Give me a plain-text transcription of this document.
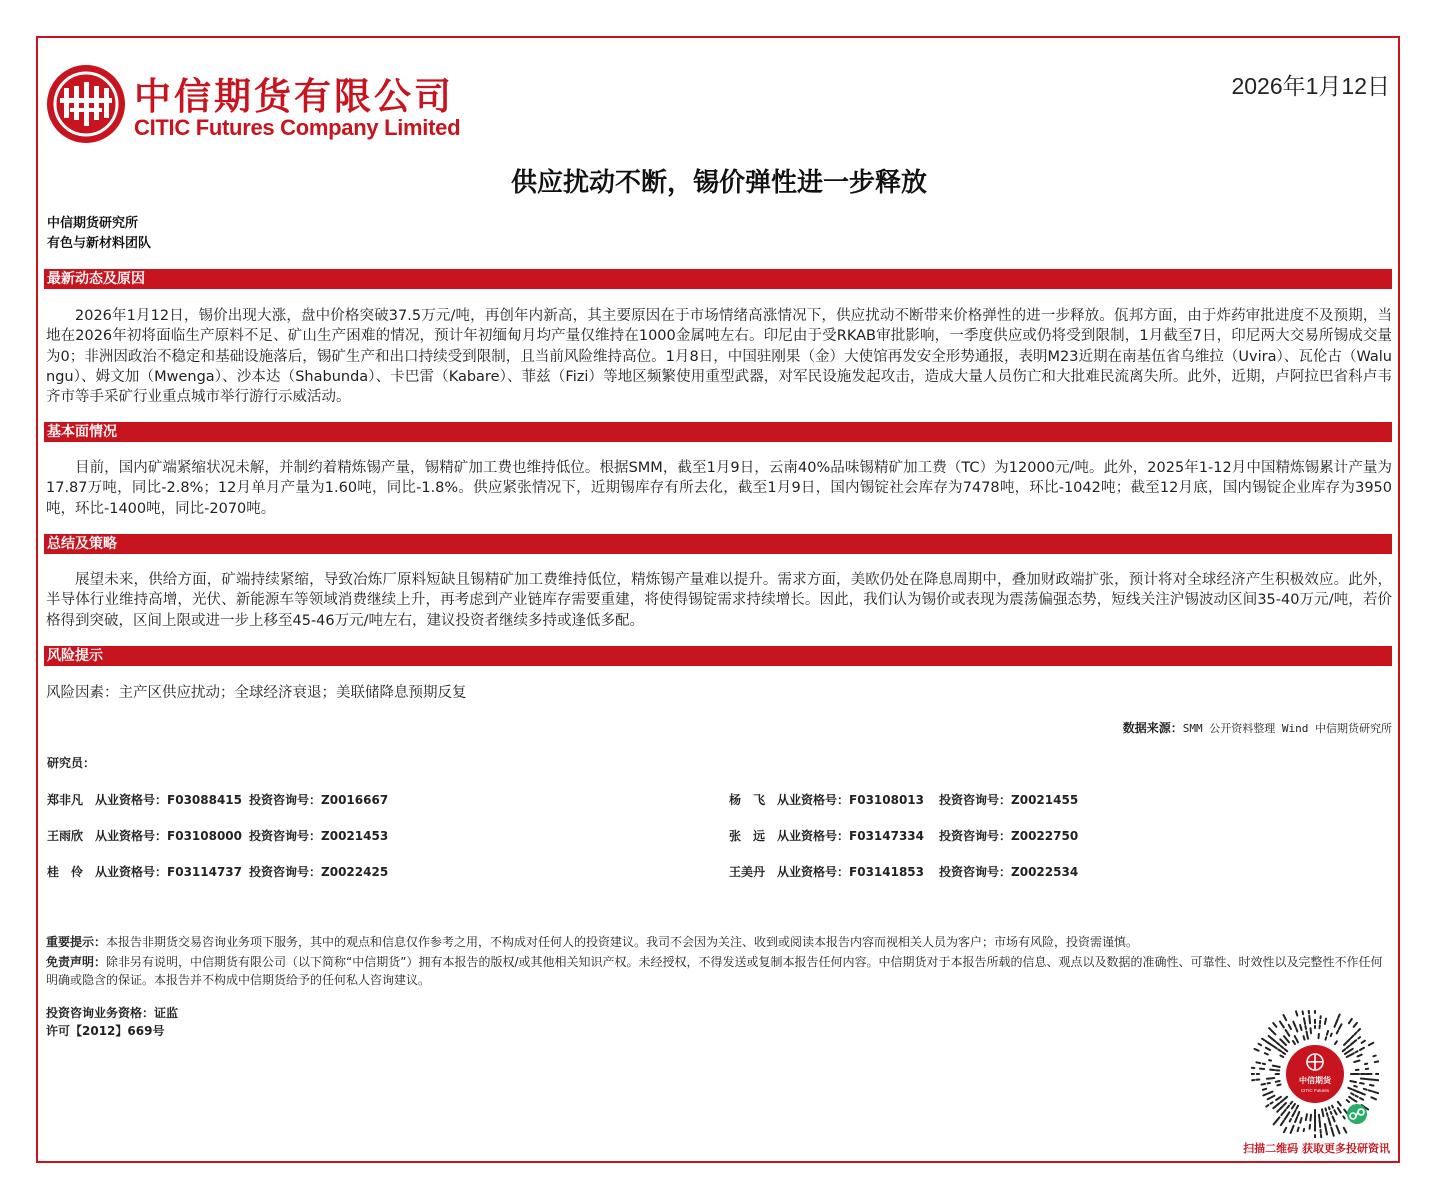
中信期货有限公司
CITIC Futures Company Limited
2026年1月12日
供应扰动不断，锡价弹性进一步释放
中信期货研究所
有色与新材料团队
最新动态及原因
2026年1月12日，锡价出现大涨，盘中价格突破37.5万元/吨，再创年内新高，其主要原因在于市场情绪高涨情况下，供应扰动不断带来价格弹性的进一步释放。佤邦方面，由于炸药审批进度不及预期，当地在2026年初将面临生产原料不足、矿山生产困难的情况，预计年初缅甸月均产量仅维持在1000金属吨左右。印尼由于受RKAB审批影响，一季度供应或仍将受到限制，1月截至7日，印尼两大交易所锡成交量为0；非洲因政治不稳定和基础设施落后，锡矿生产和出口持续受到限制，且当前风险维持高位。1月8日，中国驻刚果（金）大使馆再发安全形势通报，表明M23近期在南基伍省乌维拉（Uvira）、瓦伦古（Walungu）、姆文加（Mwenga）、沙本达（Shabunda）、卡巴雷（Kabare）、菲兹（Fizi）等地区频繁使用重型武器，对军民设施发起攻击，造成大量人员伤亡和大批难民流离失所。此外，近期，卢阿拉巴省科卢韦齐市等手采矿行业重点城市举行游行示威活动。
基本面情况
目前，国内矿端紧缩状况未解，并制约着精炼锡产量，锡精矿加工费也维持低位。根据SMM，截至1月9日，云南40%品味锡精矿加工费（TC）为12000元/吨。此外，2025年1-12月中国精炼锡累计产量为17.87万吨，同比-2.8%；12月单月产量为1.60吨，同比-1.8%。供应紧张情况下，近期锡库存有所去化，截至1月9日，国内锡锭社会库存为7478吨，环比-1042吨；截至12月底，国内锡锭企业库存为3950吨，环比-1400吨，同比-2070吨。
总结及策略
展望未来，供给方面，矿端持续紧缩，导致冶炼厂原料短缺且锡精矿加工费维持低位，精炼锡产量难以提升。需求方面，美欧仍处在降息周期中，叠加财政端扩张，预计将对全球经济产生积极效应。此外，半导体行业维持高增，光伏、新能源车等领域消费继续上升，再考虑到产业链库存需要重建，将使得锡锭需求持续增长。因此，我们认为锡价或表现为震荡偏强态势，短线关注沪锡波动区间35-40万元/吨，若价格得到突破，区间上限或进一步上移至45-46万元/吨左右，建议投资者继续多持或逢低多配。
风险提示
风险因素：主产区供应扰动；全球经济衰退；美联储降息预期反复
数据来源：SMM 公开资料整理 Wind 中信期货研究所
研究员：
郑非凡 从业资格号：F03088415 投资咨询号：Z0016667
王雨欣 从业资格号：F03108000 投资咨询号：Z0021453
桂　伶 从业资格号：F03114737 投资咨询号：Z0022425
杨　飞 从业资格号：F03108013 投资咨询号：Z0021455
张　远 从业资格号：F03147334 投资咨询号：Z0022750
王美丹 从业资格号：F03141853 投资咨询号：Z0022534
重要提示：本报告非期货交易咨询业务项下服务，其中的观点和信息仅作参考之用，不构成对任何人的投资建议。我司不会因为关注、收到或阅读本报告内容而视相关人员为客户；市场有风险，投资需谨慎。
免责声明：除非另有说明，中信期货有限公司（以下简称“中信期货”）拥有本报告的版权/或其他相关知识产权。未经授权，不得发送或复制本报告任何内容。中信期货对于本报告所载的信息、观点以及数据的准确性、可靠性、时效性以及完整性不作任何明确或隐含的保证。本报告并不构成中信期货给予的任何私人咨询建议。
投资咨询业务资格：证监
许可【2012】669号
中信期货
CITIC Futures
扫描二维码 获取更多投研资讯
